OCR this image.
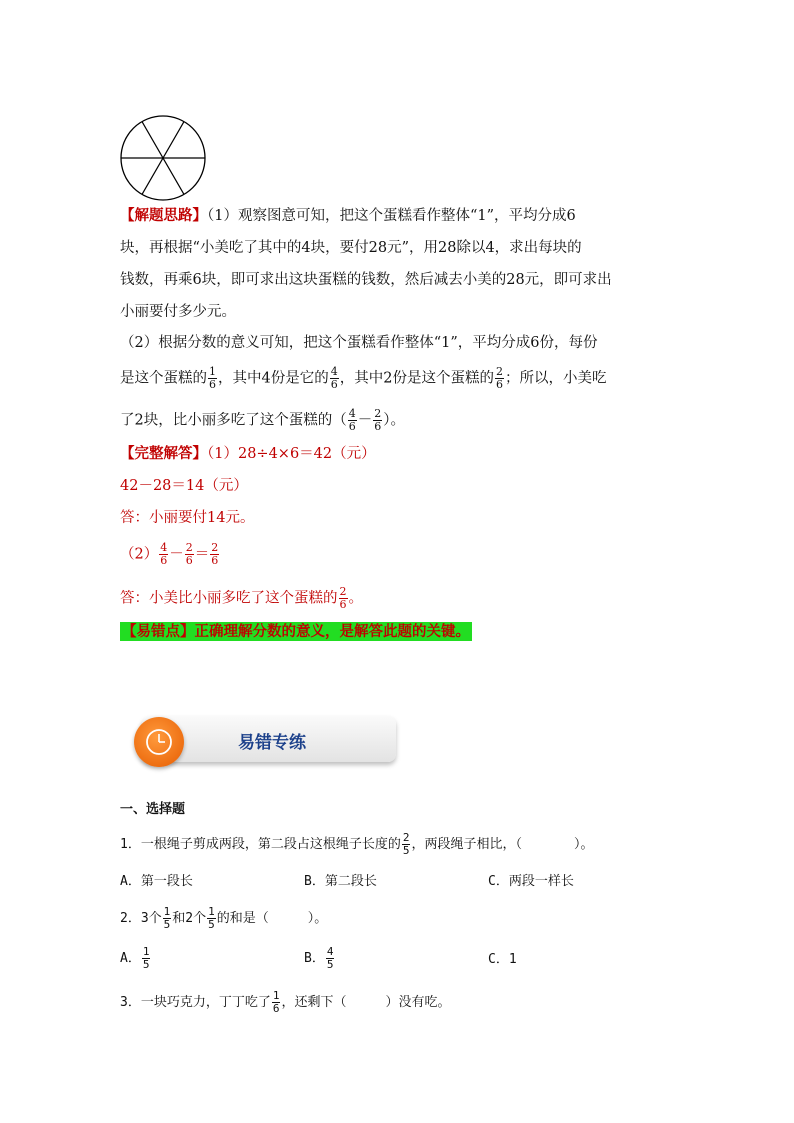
【解题思路】（1）观察图意可知，把这个蛋糕看作整体“1”，平均分成6
块，再根据“小美吃了其中的4块，要付28元”，用28除以4，求出每块的
钱数，再乘6块，即可求出这块蛋糕的钱数，然后减去小美的28元，即可求出
小丽要付多少元。
（2）根据分数的意义可知，把这个蛋糕看作整体“1”，平均分成6份，每份
是这个蛋糕的 $\frac{1}{6}$ ，其中4份是它的 $\frac{4}{6}$ ，其中2份是这个蛋糕的 $\frac{2}{6}$ ；所以，小美吃
了2块，比小丽多吃了这个蛋糕的（ $\frac{4}{6} - \frac{2}{6}$ ）。
【完整解答】（1）28÷4×6＝42（元）
42－28＝14（元）
答：小丽要付14元。
$(2) \frac{4}{6} - \frac{2}{6} = \frac{2}{6}$
答：小美比小丽多吃了这个蛋糕的 $\frac{2}{6}$ 。
【易错点】正确理解分数的意义，是解答此题的关键。
易错专练
一、选择题
1．一根绳子剪成两段，第二段占这根绳子长度的 $\frac{2}{5}$ ，两段绳子相比，（　　　　）。
A．第一段长	B．第二段长	C．两段一样长
2．3个 $\frac{1}{5}$ 和2个 $\frac{1}{5}$ 的和是（　　　）。
A． $\frac{1}{5}$	B． $\frac{4}{5}$	C．1
3．一块巧克力，丁丁吃了 $\frac{1}{6}$ ，还剩下（　　　）没有吃。
